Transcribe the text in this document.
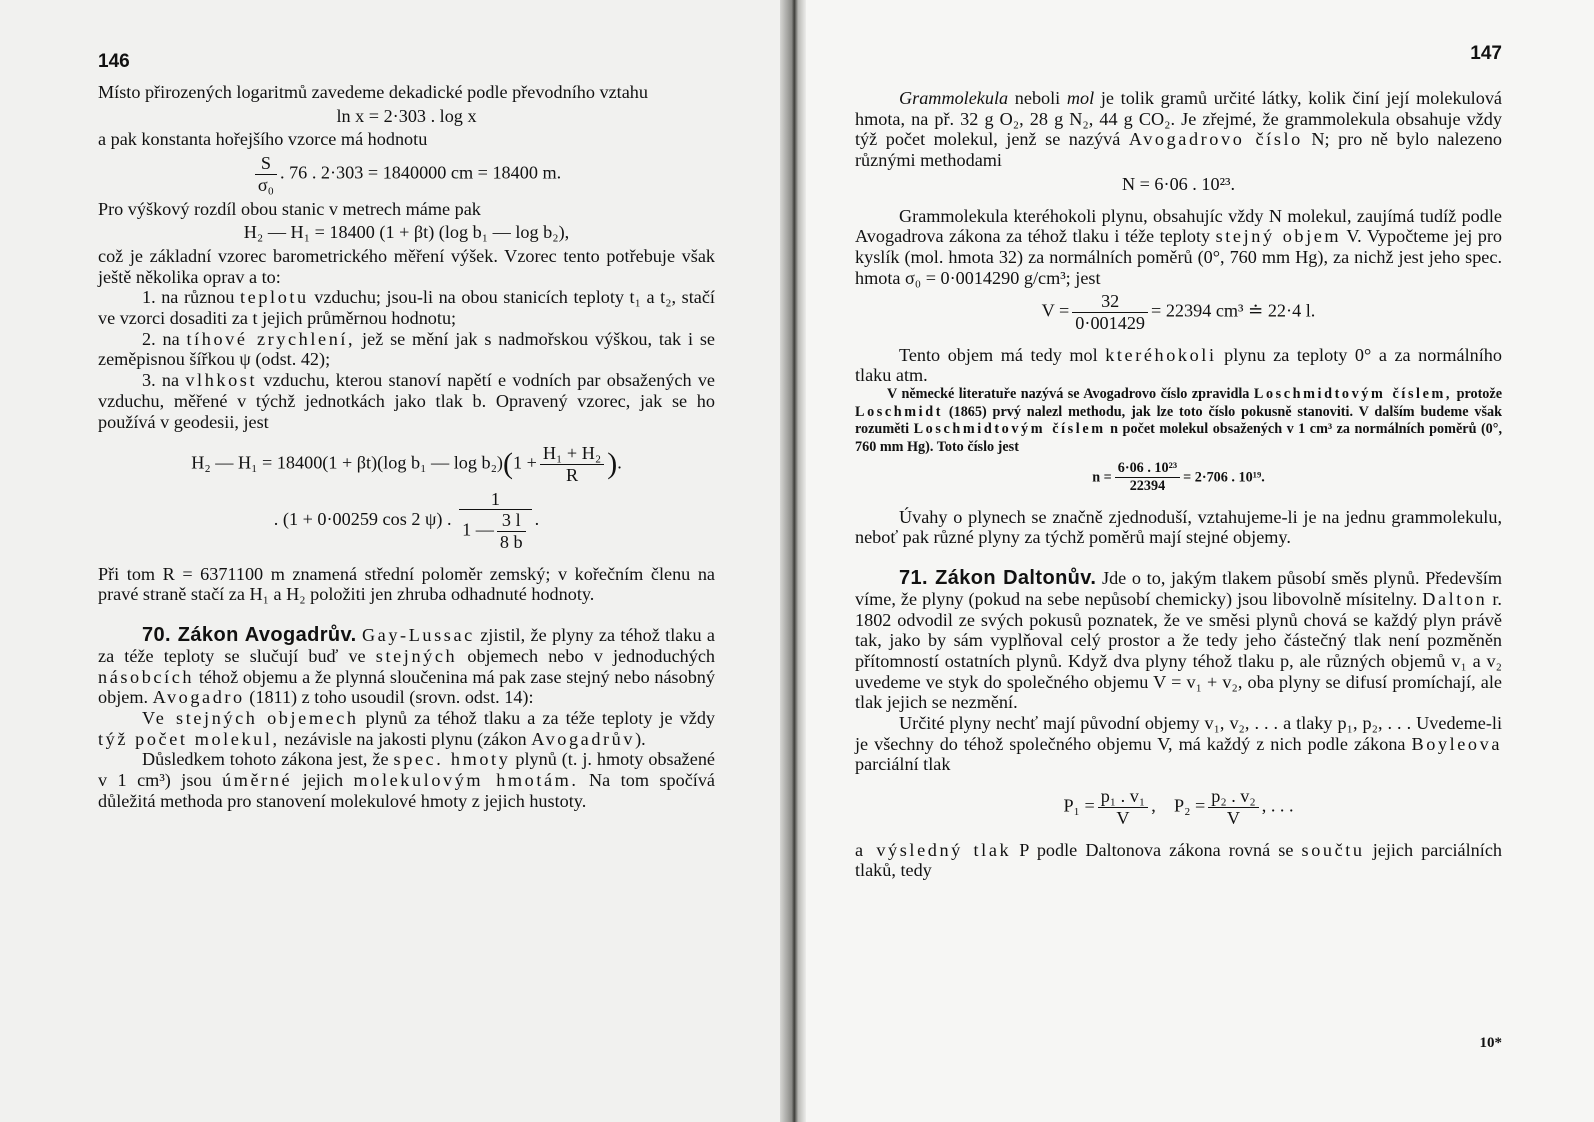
146

Místo přirozených logaritmů zavedeme dekadické podle převodního vztahu

ln x = 2·303 . log x

a pak konstanta hořejšího vzorce má hodnotu

$\frac{S}{\text{σ₀}}$ . 76 . 2·303 = 1840000 cm = 18400 m.

Pro výškový rozdíl obou stanic v metrech máme pak

H₂ — H₁ = 18400 (1 + βt) (log b₁ — log b₂),

což je základní vzorec barometrického měření výšek. Vzorec tento potřebuje však ještě několika oprav a to:

1. na různou teplotu vzduchu; jsou-li na obou stanicích teploty t₁ a t₂, stačí ve vzorci dosaditi za t jejich průměrnou hodnotu;

2. na tíhové zrychlení, jež se mění jak s nadmořskou výškou, tak i se zeměpisnou šířkou ψ (odst. 42);

3. na vlhkost vzduchu, kterou stanoví napětí e vodních par obsažených ve vzduchu, měřené v týchž jednotkách jako tlak b. Opravený vzorec, jak se ho používá v geodesii, jest

H₂ — H₁ = 18400(1 + βt)(log b₁ — $\log b_2)(1 + \frac{\text{H₁ + H₂}}{R}$ ).
. (1 + 0·00259 cos 2 ψ) . $\frac{1}{1 — \frac{3 l}{8 b}}$ .

Při tom R = 6371100 m znamená střední poloměr zemský; v kořečním členu na pravé straně stačí za H₁ a H₂ položiti jen zhruba odhadnuté hodnoty.

70. Zákon Avogadrův. Gay-Lussac zjistil, že plyny za téhož tlaku a za téže teploty se slučují buď ve stejných objemech nebo v jednoduchých násobcích téhož objemu a že plynná sloučenina má pak zase stejný nebo násobný objem. Avogadro (1811) z toho usoudil (srovn. odst. 14):

Ve stejných objemech plynů za téhož tlaku a za téže teploty je vždy týž počet molekul, nezávisle na jakosti plynu (zákon Avogadrův).

Důsledkem tohoto zákona jest, že spec. hmoty plynů (t. j. hmoty obsažené v 1 cm³) jsou úměrné jejich molekulovým hmotám. Na tom spočívá důležitá methoda pro stanovení molekulové hmoty z jejich hustoty.

147

Grammolekula neboli mol je tolik gramů určité látky, kolik činí její molekulová hmota, na př. 32 g O₂, 28 g N₂, 44 g CO₂. Je zřejmé, že grammolekula obsahuje vždy týž počet molekul, jenž se nazývá Avogadrovo číslo N; pro ně bylo nalezeno různými methodami

N = 6·06 . 10²³.

Grammolekula kteréhokoli plynu, obsahujíc vždy N molekul, zaujímá tudíž podle Avogadrova zákona za téhož tlaku i téže teploty stejný objem V. Vypočteme jej pro kyslík (mol. hmota 32) za normálních poměrů (0°, 760 mm Hg), za nichž jest jeho spec. hmota σ₀ = 0·0014290 g/cm³; jest

$V = \frac{32}{0\cdot 001429} = 22394$ cm³ ≐ 22·4 l.

Tento objem má tedy mol kteréhokoli plynu za teploty 0° a za normálního tlaku atm.

V německé literatuře nazývá se Avogadrovo číslo zpravidla Loschmidtovým číslem, protože Loschmidt (1865) prvý nalezl methodu, jak lze toto číslo pokusně stanoviti. V dalším budeme však rozuměti Loschmidtovým číslem n počet molekul obsažených v 1 cm³ za normálních poměrů (0°, 760 mm Hg). Toto číslo jest

$n = \frac{\text{6·06 . 10²³}}{22394} = 2\cdot 706$ . 10¹⁹.

Úvahy o plynech se značně zjednoduší, vztahujeme-li je na jednu grammolekulu, neboť pak různé plyny za týchž poměrů mají stejné objemy.

71. Zákon Daltonův. Jde o to, jakým tlakem působí směs plynů. Především víme, že plyny (pokud na sebe nepůsobí chemicky) jsou libovolně mísitelny. Dalton r. 1802 odvodil ze svých pokusů poznatek, že ve směsi plynů chová se každý plyn právě tak, jako by sám vyplňoval celý prostor a že tedy jeho částečný tlak není pozměněn přítomností ostatních plynů. Když dva plyny téhož tlaku p, ale různých objemů v₁ a v₂ uvedeme ve styk do společného objemu V = v₁ + v₂, oba plyny se difusí promíchají, ale tlak jejich se nezmění.

Určité plyny nechť mají původní objemy v₁, v₂, . . . a tlaky p₁, p₂, . . . Uvedeme-li je všechny do téhož společného objemu V, má každý z nich podle zákona Boyleova parciální tlak

$P_1 = \frac{\text{p₁ . v₁}}{V}$ , $P_2 = \frac{\text{p₂ . v₂}}{V}$ , . . .

a výsledný tlak P podle Daltonova zákona rovná se součtu jejich parciálních tlaků, tedy

10*
